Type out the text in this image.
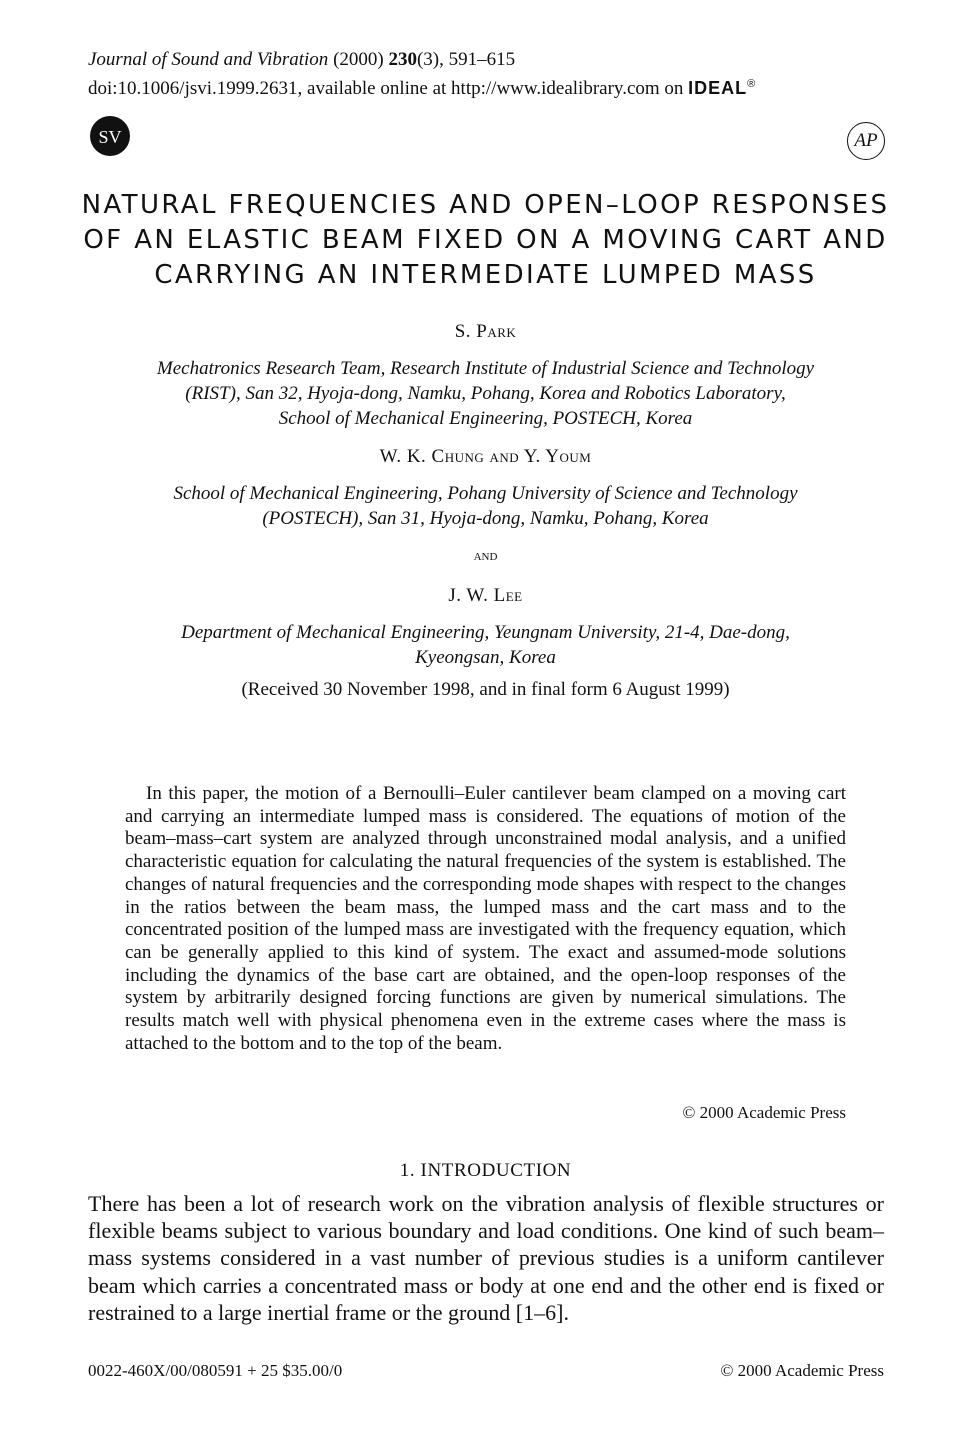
Journal of Sound and Vibration (2000) 230(3), 591–615
doi:10.1006/jsvi.1999.2631, available online at http://www.idealibrary.com on IDEAL®
SV	AP
NATURAL FREQUENCIES AND OPEN–LOOP RESPONSES
OF AN ELASTIC BEAM FIXED ON A MOVING CART AND
CARRYING AN INTERMEDIATE LUMPED MASS
S. Park
Mechatronics Research Team, Research Institute of Industrial Science and Technology
(RIST), San 32, Hyoja-dong, Namku, Pohang, Korea and Robotics Laboratory,
School of Mechanical Engineering, POSTECH, Korea
W. K. Chung and Y. Youm
School of Mechanical Engineering, Pohang University of Science and Technology
(POSTECH), San 31, Hyoja-dong, Namku, Pohang, Korea
and
J. W. Lee
Department of Mechanical Engineering, Yeungnam University, 21-4, Dae-dong,
Kyeongsan, Korea
(Received 30 November 1998, and in final form 6 August 1999)
In this paper, the motion of a Bernoulli–Euler cantilever beam clamped on a moving cart and carrying an intermediate lumped mass is considered. The equations of motion of the beam–mass–cart system are analyzed through unconstrained modal analysis, and a unified characteristic equation for calculating the natural frequencies of the system is established. The changes of natural frequencies and the corresponding mode shapes with respect to the changes in the ratios between the beam mass, the lumped mass and the cart mass and to the concentrated position of the lumped mass are investigated with the frequency equation, which can be generally applied to this kind of system. The exact and assumed-mode solutions including the dynamics of the base cart are obtained, and the open-loop responses of the system by arbitrarily designed forcing functions are given by numerical simulations. The results match well with physical phenomena even in the extreme cases where the mass is attached to the bottom and to the top of the beam.
© 2000 Academic Press
1. INTRODUCTION
There has been a lot of research work on the vibration analysis of flexible structures or flexible beams subject to various boundary and load conditions. One kind of such beam–mass systems considered in a vast number of previous studies is a uniform cantilever beam which carries a concentrated mass or body at one end and the other end is fixed or restrained to a large inertial frame or the ground [1–6].
0022-460X/00/080591 + 25 $35.00/0	© 2000 Academic Press
